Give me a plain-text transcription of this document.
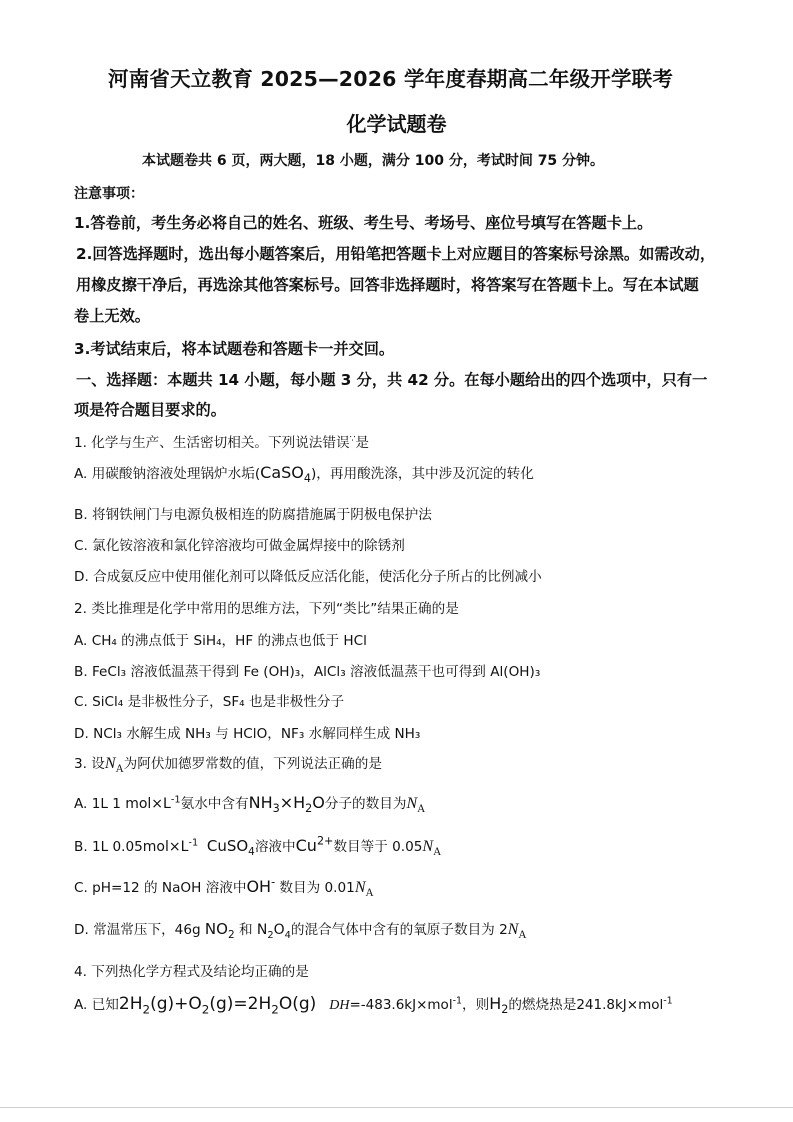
河南省天立教育 2025—2026 学年度春期高二年级开学联考
化学试题卷
本试题卷共 6 页，两大题，18 小题，满分 100 分，考试时间 75 分钟。
注意事项：
1.答卷前，考生务必将自己的姓名、班级、考生号、考场号、座位号填写在答题卡上。
2.回答选择题时，选出每小题答案后，用铅笔把答题卡上对应题目的答案标号涂黑。如需改动，
用橡皮擦干净后，再选涂其他答案标号。回答非选择题时，将答案写在答题卡上。写在本试题
卷上无效。
3.考试结束后，将本试题卷和答题卡一并交回。
一、选择题：本题共 14 小题，每小题 3 分，共 42 分。在每小题给出的四个选项中，只有一
项是符合题目要求的。
1. 化学与生产、生活密切相关。下列说法错误∵是
A. 用碳酸钠溶液处理锅炉水垢(CaSO$_4$)，再用酸洗涤，其中涉及沉淀的转化
B. 将钢铁闸门与电源负极相连的防腐措施属于阴极电保护法
C. 氯化铵溶液和氯化锌溶液均可做金属焊接中的除锈剂
D. 合成氨反应中使用催化剂可以降低反应活化能，使活化分子所占的比例减小
2. 类比推理是化学中常用的思维方法，下列“类比”结果正确的是
A. CH₄ 的沸点低于 SiH₄，HF 的沸点也低于 HCl
B. FeCl₃ 溶液低温蒸干得到 Fe (OH)₃，AlCl₃ 溶液低温蒸干也可得到 Al(OH)₃
C. SiCl₄ 是非极性分子，SF₄ 也是非极性分子
D. NCl₃ 水解生成 NH₃ 与 HClO，NF₃ 水解同样生成 NH₃
3. 设$N_A$为阿伏加德罗常数的值，下列说法正确的是
A. 1L 1 $mol\times L^{-1}$氨水中含有$NH_3\times H_2O$分子的数目为$N_A$
B. 1L $0.05mol\times L^{-1}$ CuSO$_4$溶液中$Cu^{2+}$数目等于 $0.05N_A$
C. pH=12 的 NaOH 溶液中OH- 数目为 $0.01N_A$
D. 常温常压下，46g $NO_2$ 和 $N_2O_4$的混合气体中含有的氧原子数目为 $2N_A$
4. 下列热化学方程式及结论均正确的是
A. 已知$2H_2(g)+O_2(g)=2H_2O(g)$ DH=-483.6kJ×mol$^{-1}$，则$H_2$的燃烧热是241.8kJ×mol$^{-1}$
